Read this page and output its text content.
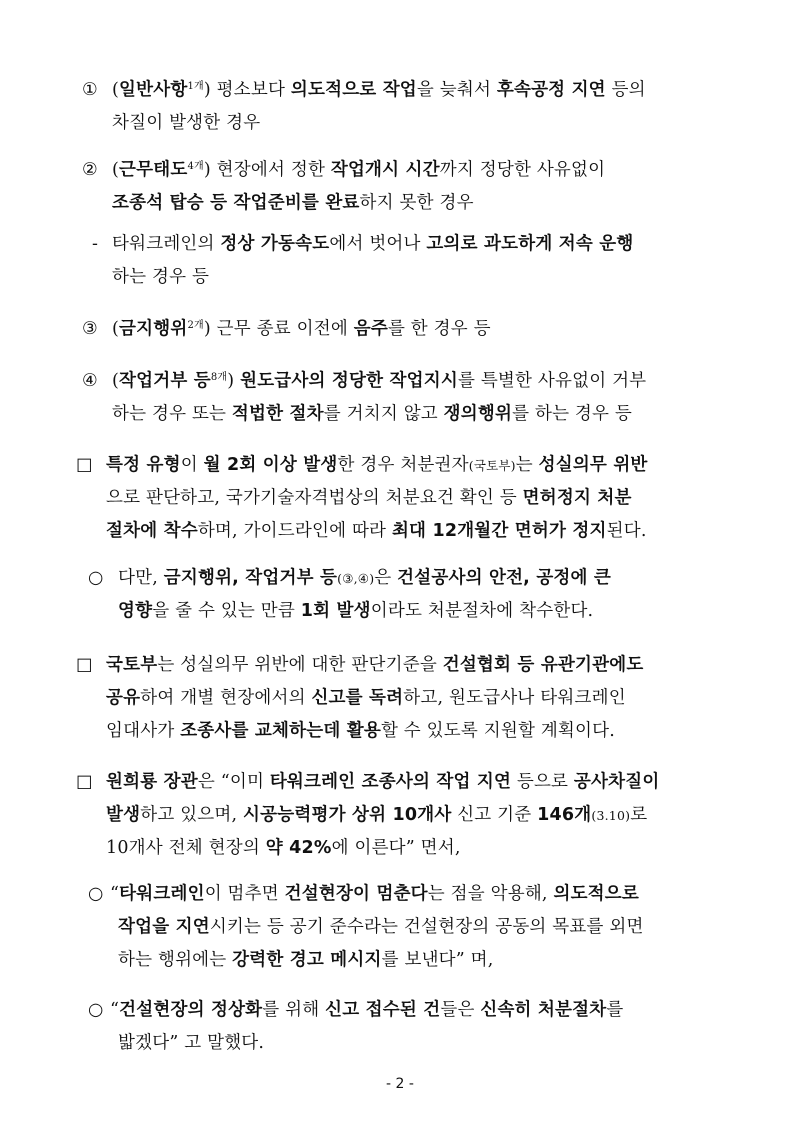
① (일반사항$^{1개}$) 평소보다 의도적으로 작업을 늦춰서 후속공정 지연 등의
차질이 발생한 경우
② (근무태도$^{4개}$) 현장에서 정한 작업개시 시간까지 정당한 사유없이
조종석 탑승 등 작업준비를 완료하지 못한 경우
- 타워크레인의 정상 가동속도에서 벗어나 고의로 과도하게 저속 운행
하는 경우 등
③ (금지행위$^{2개}$) 근무 종료 이전에 음주를 한 경우 등
④ (작업거부 등$^{8개}$) 원도급사의 정당한 작업지시를 특별한 사유없이 거부
하는 경우 또는 적법한 절차를 거치지 않고 쟁의행위를 하는 경우 등
□ 특정 유형이 월 2회 이상 발생한 경우 처분권자(국토부)는 성실의무 위반
으로 판단하고, 국가기술자격법상의 처분요건 확인 등 면허정지 처분
절차에 착수하며, 가이드라인에 따라 최대 12개월간 면허가 정지된다.
○ 다만, 금지행위, 작업거부 등(③,④)은 건설공사의 안전, 공정에 큰
영향을 줄 수 있는 만큼 1회 발생이라도 처분절차에 착수한다.
□ 국토부는 성실의무 위반에 대한 판단기준을 건설협회 등 유관기관에도
공유하여 개별 현장에서의 신고를 독려하고, 원도급사나 타워크레인
임대사가 조종사를 교체하는데 활용할 수 있도록 지원할 계획이다.
□ 원희룡 장관은 “이미 타워크레인 조종사의 작업 지연 등으로 공사차질이
발생하고 있으며, 시공능력평가 상위 10개사 신고 기준 146개(3.10)로
10개사 전체 현장의 약 42%에 이른다” 면서,
○ “타워크레인이 멈추면 건설현장이 멈춘다는 점을 악용해, 의도적으로
작업을 지연시키는 등 공기 준수라는 건설현장의 공동의 목표를 외면
하는 행위에는 강력한 경고 메시지를 보낸다” 며,
○ “건설현장의 정상화를 위해 신고 접수된 건들은 신속히 처분절차를
밟겠다” 고 말했다.
- 2 -
